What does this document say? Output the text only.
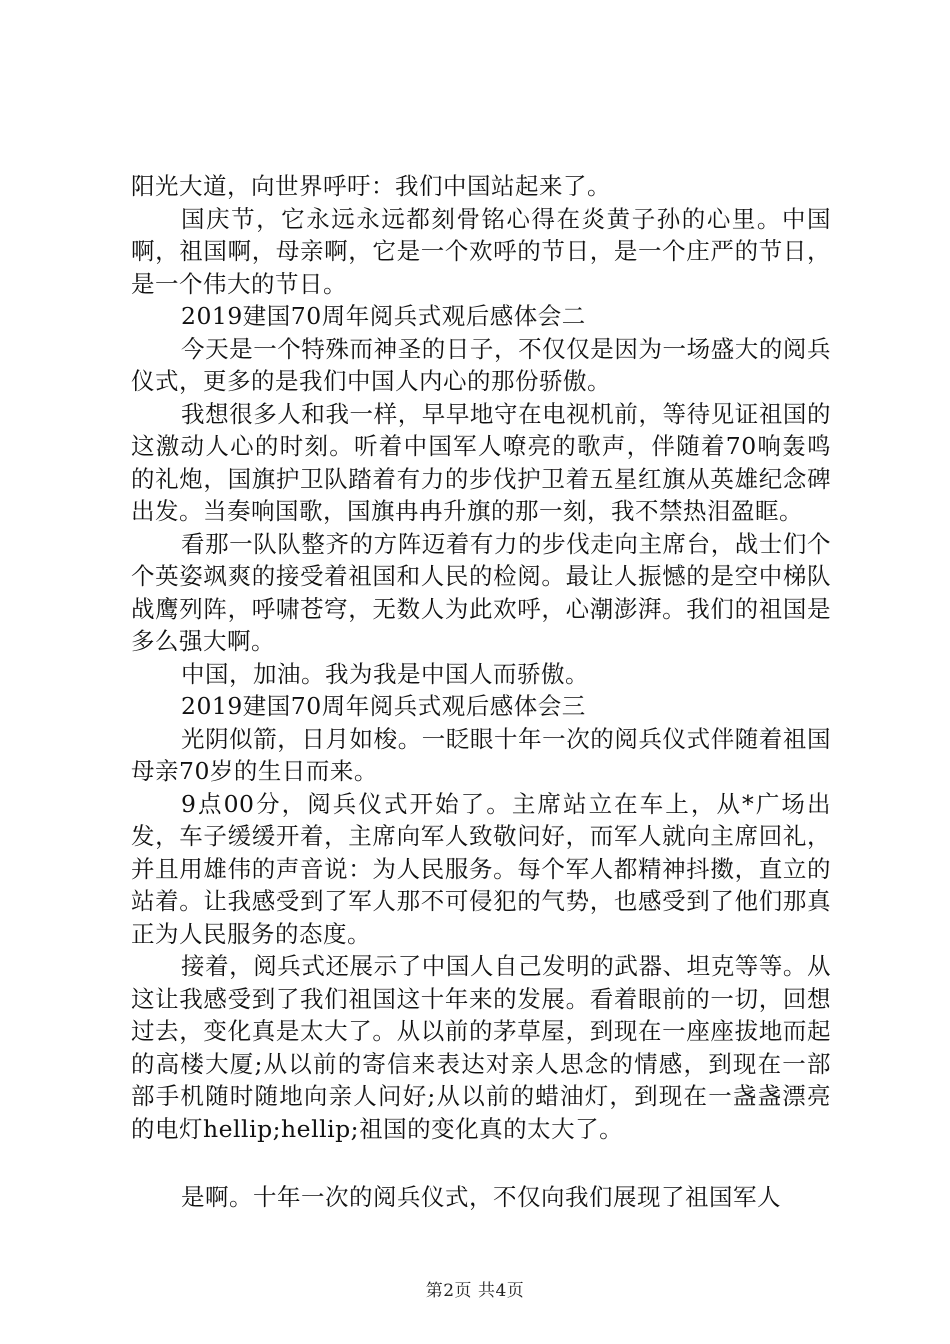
阳光大道，向世界呼吁：我们中国站起来了。

国庆节，它永远永远都刻骨铭心得在炎黄子孙的心里。中国啊，祖国啊，母亲啊，它是一个欢呼的节日，是一个庄严的节日，是一个伟大的节日。

2019建国70周年阅兵式观后感体会二

今天是一个特殊而神圣的日子，不仅仅是因为一场盛大的阅兵仪式，更多的是我们中国人内心的那份骄傲。

我想很多人和我一样，早早地守在电视机前，等待见证祖国的这激动人心的时刻。听着中国军人嘹亮的歌声，伴随着70响轰鸣的礼炮，国旗护卫队踏着有力的步伐护卫着五星红旗从英雄纪念碑出发。当奏响国歌，国旗冉冉升旗的那一刻，我不禁热泪盈眶。

看那一队队整齐的方阵迈着有力的步伐走向主席台，战士们个个英姿飒爽的接受着祖国和人民的检阅。最让人振憾的是空中梯队战鹰列阵，呼啸苍穹，无数人为此欢呼，心潮澎湃。我们的祖国是多么强大啊。

中国，加油。我为我是中国人而骄傲。

2019建国70周年阅兵式观后感体会三

光阴似箭，日月如梭。一眨眼十年一次的阅兵仪式伴随着祖国母亲70岁的生日而来。

9点00分，阅兵仪式开始了。主席站立在车上，从*广场出发，车子缓缓开着，主席向军人致敬问好，而军人就向主席回礼，并且用雄伟的声音说：为人民服务。每个军人都精神抖擞，直立的站着。让我感受到了军人那不可侵犯的气势，也感受到了他们那真正为人民服务的态度。

接着，阅兵式还展示了中国人自己发明的武器、坦克等等。从这让我感受到了我们祖国这十年来的发展。看着眼前的一切，回想过去，变化真是太大了。从以前的茅草屋，到现在一座座拔地而起的高楼大厦;从以前的寄信来表达对亲人思念的情感，到现在一部部手机随时随地向亲人问好;从以前的蜡油灯，到现在一盏盏漂亮的电灯hellip;hellip;祖国的变化真的太大了。

是啊。十年一次的阅兵仪式，不仅向我们展现了祖国军人

第2页 共4页
